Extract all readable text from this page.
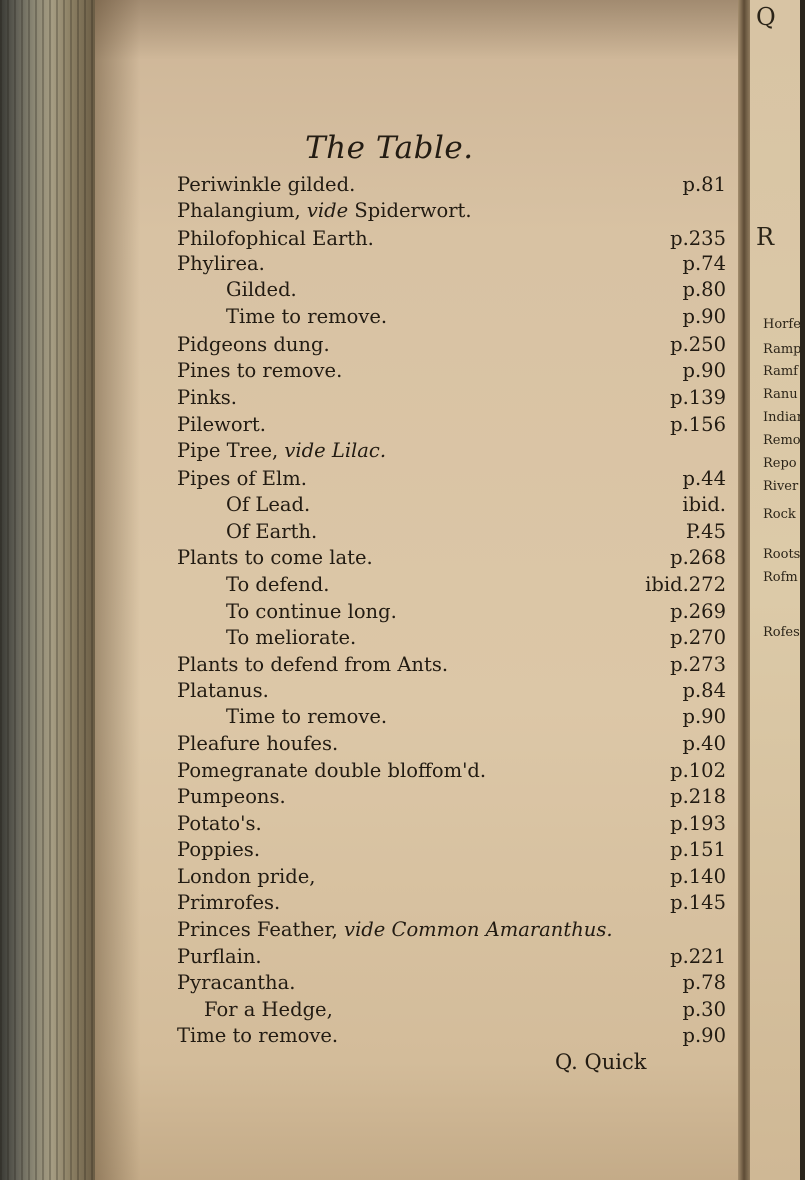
Q
R
Horfe
Ramp
Ramf
Ranu
Indian
Remo
Repo
River
Rock
Roots
Rofm
Rofes
The Table.
Periwinkle gilded.
Phalangium, vide Spiderwort.
Philofophical Earth.
Phylirea.
Gilded.
Time to remove.
Pidgeons dung.
Pines to remove.
Pinks.
Pilewort.
Pipe Tree, vide Lilac.
Pipes of Elm.
Of Lead.
Of Earth.
Plants to come late.
To defend.
To continue long.
To meliorate.
Plants to defend from Ants.
Platanus.
Time to remove.
Pleafure houfes.
Pomegranate double bloffom'd.
Pumpeons.
Potato's.
Poppies.
London pride,
Primrofes.
Princes Feather, vide Common Amaranthus.
Purflain.
Pyracantha.
For a Hedge,
Time to remove.
p.81
p.235
p.74
p.80
p.90
p.250
p.90
p.139
p.156
p.44
ibid.
P.45
p.268
ibid.272
p.269
p.270
p.273
p.84
p.90
p.40
p.102
p.218
p.193
p.151
p.140
p.145
p.221
p.78
p.30
p.90
Q. Quick
